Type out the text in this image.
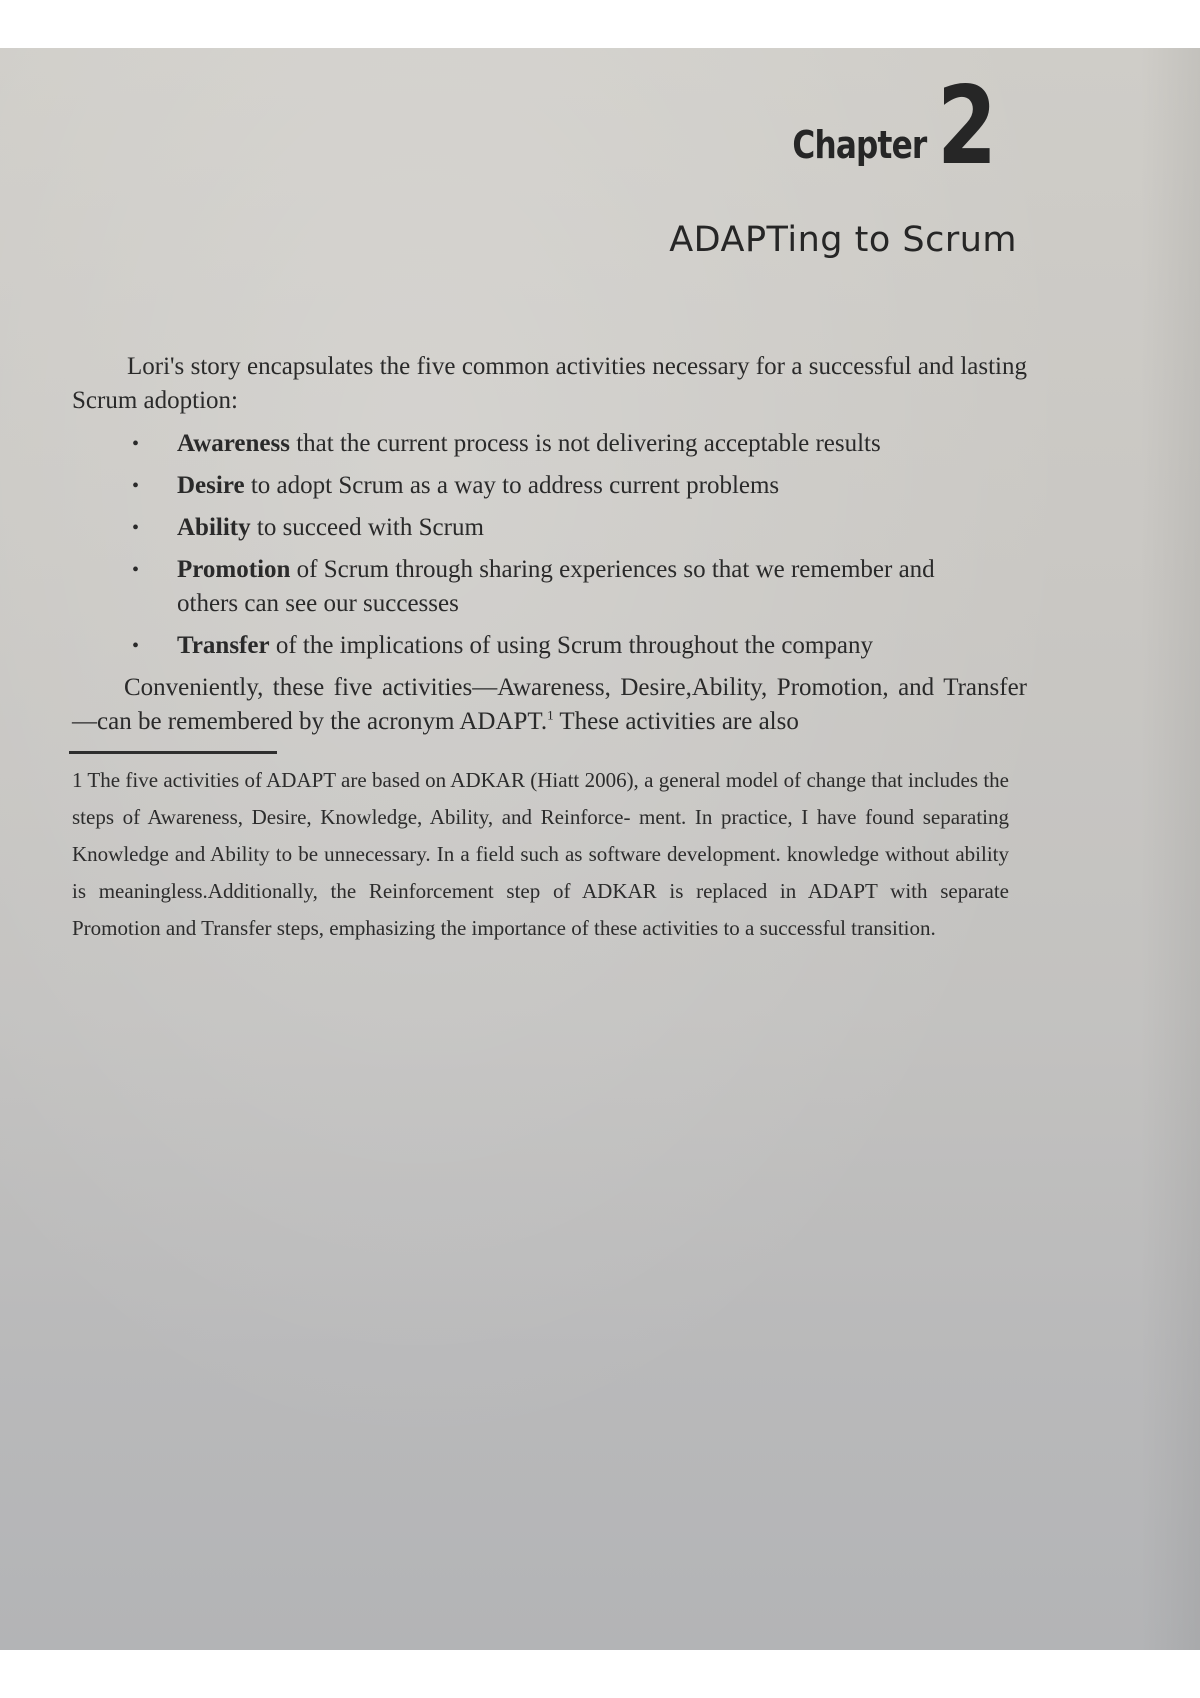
Chapter 2
ADAPTing to Scrum

Lori's story encapsulates the five common activities necessary for a successful and lasting Scrum adoption:

•	Awareness that the current process is not delivering acceptable results
•	Desire to adopt Scrum as a way to address current problems
•	Ability to succeed with Scrum
•	Promotion of Scrum through sharing experiences so that we remember and others can see our successes
•	Transfer of the implications of using Scrum throughout the company

Conveniently, these five activities—Awareness, Desire,Ability, Promotion, and Transfer—can be remembered by the acronym ADAPT.$^1$ These activities are also

1 The five activities of ADAPT are based on ADKAR (Hiatt 2006), a general model of change that includes the steps of Awareness, Desire, Knowledge, Ability, and Reinforce- ment. In practice, I have found separating Knowledge and Ability to be unnecessary. In a field such as software development. knowledge without ability is meaningless.Additionally, the Reinforcement step of ADKAR is replaced in ADAPT with separate Promotion and Transfer steps, emphasizing the importance of these activities to a successful transition.
